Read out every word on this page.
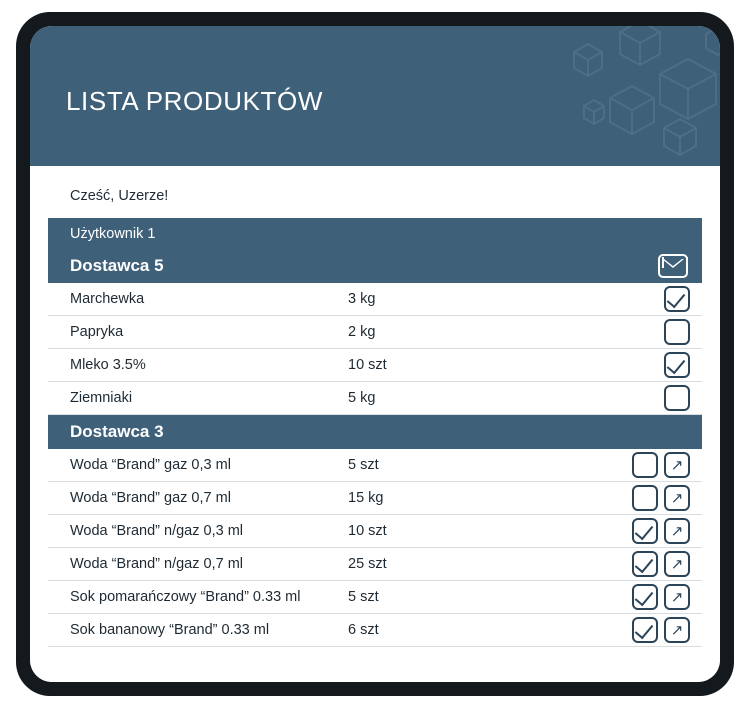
LISTA PRODUKTÓW
Cześć, Uzerze!
Użytkownik 1
Dostawca 5
Marchewka	3 kg
Papryka	2 kg
Mleko 3.5%	10 szt
Ziemniaki	5 kg
Dostawca 3
Woda “Brand” gaz 0,3 ml	5 szt	↗
Woda “Brand” gaz 0,7 ml	15 kg	↗
Woda “Brand” n/gaz 0,3 ml	10 szt	↗
Woda “Brand” n/gaz 0,7 ml	25 szt	↗
Sok pomarańczowy “Brand” 0.33 ml	5 szt	↗
Sok bananowy “Brand” 0.33 ml	6 szt	↗
